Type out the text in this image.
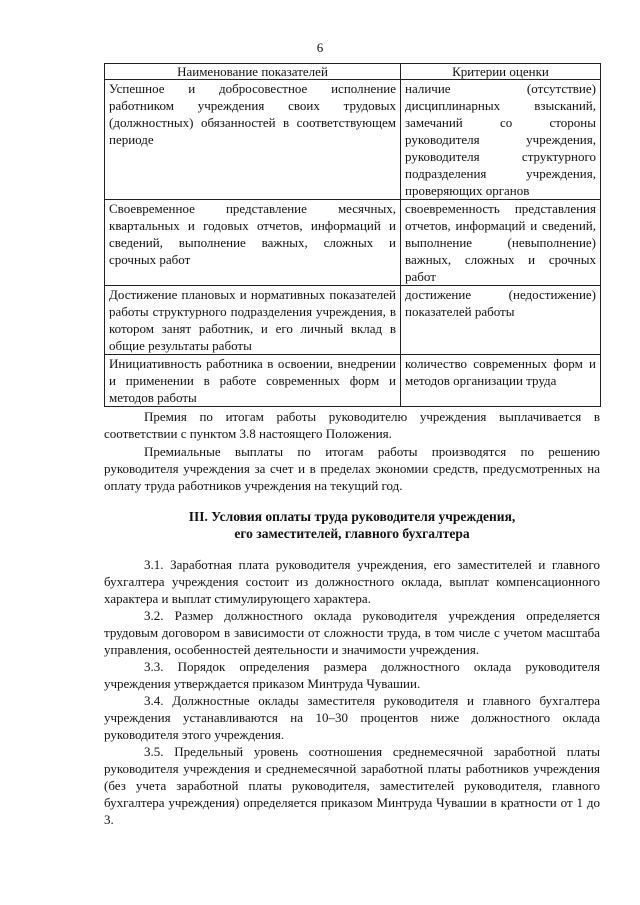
6
Наименование показателей	Критерии оценки
Успешное и добросовестное исполнение работником учреждения своих трудовых (должностных) обязанностей в соответствующем периоде	наличие (отсутствие) дисциплинарных взысканий, замечаний со стороны руководителя учреждения, руководителя структурного подразделения учреждения, проверяющих органов
Своевременное представление месячных, квартальных и годовых отчетов, информаций и сведений, выполнение важных, сложных и срочных работ	своевременность представления отчетов, информаций и сведений, выполнение (невыполнение) важных, сложных и срочных работ
Достижение плановых и нормативных показателей работы структурного подразделения учреждения, в котором занят работник, и его личный вклад в общие результаты работы	достижение (недостижение) показателей работы
Инициативность работника в освоении, внедрении и применении в работе современных форм и методов работы	количество современных форм и методов организации труда

Премия по итогам работы руководителю учреждения выплачивается в соответствии с пунктом 3.8 настоящего Положения.

Премиальные выплаты по итогам работы производятся по решению руководителя учреждения за счет и в пределах экономии средств, предусмотренных на оплату труда работников учреждения на текущий год.

III. Условия оплаты труда руководителя учреждения,
его заместителей, главного бухгалтера

3.1. Заработная плата руководителя учреждения, его заместителей и главного бухгалтера учреждения состоит из должностного оклада, выплат компенсационного характера и выплат стимулирующего характера.

3.2. Размер должностного оклада руководителя учреждения определяется трудовым договором в зависимости от сложности труда, в том числе с учетом масштаба управления, особенностей деятельности и значимости учреждения.

3.3. Порядок определения размера должностного оклада руководителя учреждения утверждается приказом Минтруда Чувашии.

3.4. Должностные оклады заместителя руководителя и главного бухгалтера учреждения устанавливаются на 10–30 процентов ниже должностного оклада руководителя этого учреждения.

3.5. Предельный уровень соотношения среднемесячной заработной платы руководителя учреждения и среднемесячной заработной платы работников учреждения (без учета заработной платы руководителя, заместителей руководителя, главного бухгалтера учреждения) определяется приказом Минтруда Чувашии в кратности от 1 до 3.
